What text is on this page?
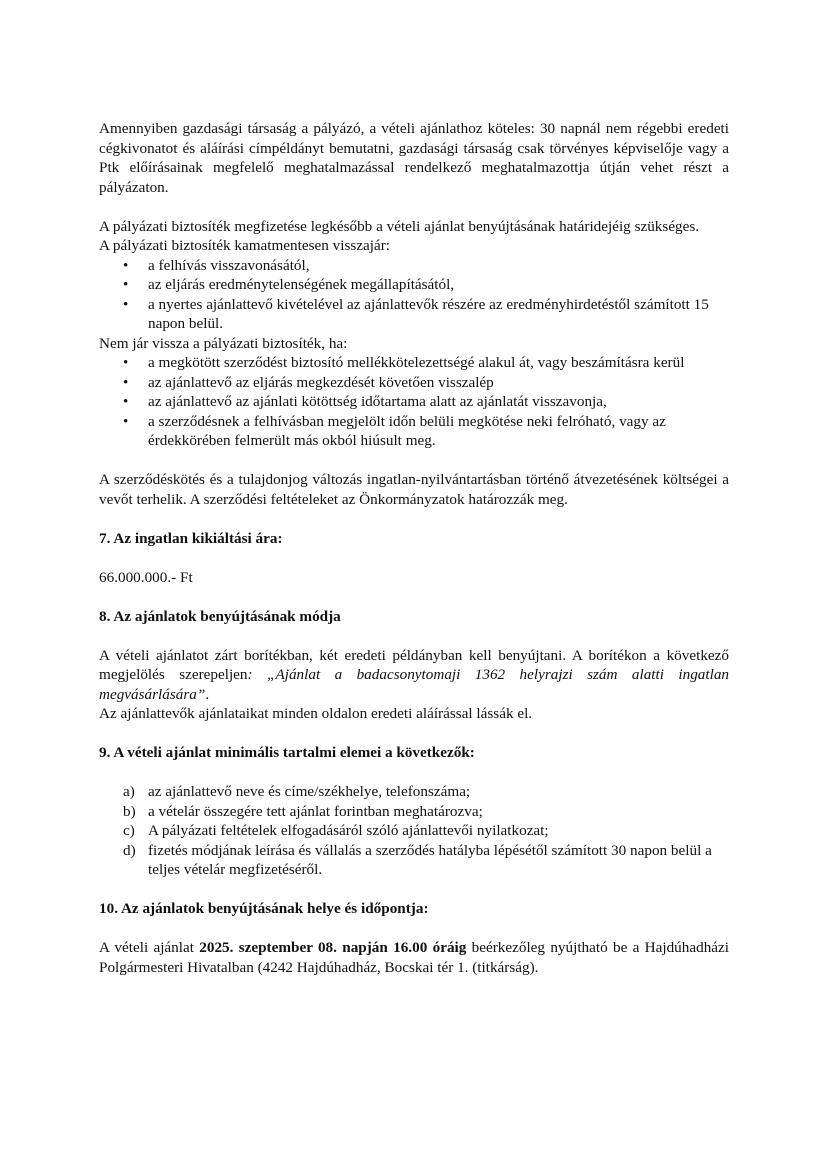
Amennyiben gazdasági társaság a pályázó, a vételi ajánlathoz köteles: 30 napnál nem régebbi eredeti cégkivonatot és aláírási címpéldányt bemutatni, gazdasági társaság csak törvényes képviselője vagy a Ptk előírásainak megfelelő meghatalmazással rendelkező meghatalmazottja útján vehet részt a pályázaton.

A pályázati biztosíték megfizetése legkésőbb a vételi ajánlat benyújtásának határidejéig szükséges.

A pályázati biztosíték kamatmentesen visszajár:

• a felhívás visszavonásától,
• az eljárás eredménytelenségének megállapításától,
• a nyertes ajánlattevő kivételével az ajánlattevők részére az eredményhirdetéstől számított 15 napon belül.

Nem jár vissza a pályázati biztosíték, ha:

• a megkötött szerződést biztosító mellékkötelezettségé alakul át, vagy beszámításra kerül
• az ajánlattevő az eljárás megkezdését követően visszalép
• az ajánlattevő az ajánlati kötöttség időtartama alatt az ajánlatát visszavonja,
• a szerződésnek a felhívásban megjelölt időn belüli megkötése neki felróható, vagy az érdekkörében felmerült más okból hiúsult meg.

A szerződéskötés és a tulajdonjog változás ingatlan-nyilvántartásban történő átvezetésének költségei a vevőt terhelik. A szerződési feltételeket az Önkormányzatok határozzák meg.

7. Az ingatlan kikiáltási ára:

66.000.000.- Ft

8. Az ajánlatok benyújtásának módja

A vételi ajánlatot zárt borítékban, két eredeti példányban kell benyújtani. A borítékon a következő megjelölés szerepeljen: „Ajánlat a badacsonytomaji 1362 helyrajzi szám alatti ingatlan megvásárlására”.

Az ajánlattevők ajánlataikat minden oldalon eredeti aláírással lássák el.

9. A vételi ajánlat minimális tartalmi elemei a következők:

a) az ajánlattevő neve és címe/székhelye, telefonszáma;
b) a vételár összegére tett ajánlat forintban meghatározva;
c) A pályázati feltételek elfogadásáról szóló ajánlattevői nyilatkozat;
d) fizetés módjának leírása és vállalás a szerződés hatályba lépésétől számított 30 napon belül a teljes vételár megfizetéséről.

10. Az ajánlatok benyújtásának helye és időpontja:

A vételi ajánlat 2025. szeptember 08. napján 16.00 óráig beérkezőleg nyújtható be a Hajdúhadházi Polgármesteri Hivatalban (4242 Hajdúhadház, Bocskai tér 1. (titkárság).
